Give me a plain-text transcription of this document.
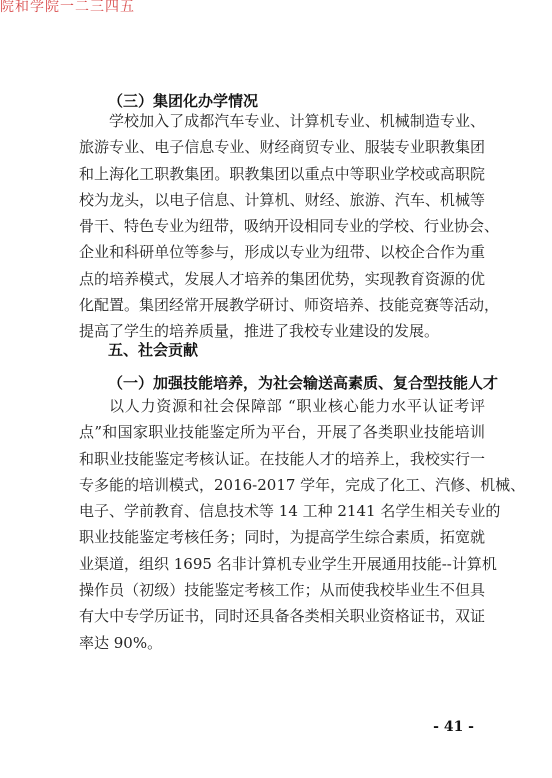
院和学院一二三四五
（三）集团化办学情况
学校加入了成都汽车专业、计算机专业、机械制造专业、
旅游专业、电子信息专业、财经商贸专业、服装专业职教集团
和上海化工职教集团。职教集团以重点中等职业学校或高职院
校为龙头，以电子信息、计算机、财经、旅游、汽车、机械等
骨干、特色专业为纽带，吸纳开设相同专业的学校、行业协会、
企业和科研单位等参与，形成以专业为纽带、以校企合作为重
点的培养模式，发展人才培养的集团优势，实现教育资源的优
化配置。集团经常开展教学研讨、师资培养、技能竞赛等活动，
提高了学生的培养质量，推进了我校专业建设的发展。
五、社会贡献
（一）加强技能培养，为社会输送高素质、复合型技能人才
以人力资源和社会保障部 “职业核心能力水平认证考评
点”和国家职业技能鉴定所为平台，开展了各类职业技能培训
和职业技能鉴定考核认证。在技能人才的培养上，我校实行一
专多能的培训模式，2016-2017 学年，完成了化工、汽修、机械、
电子、学前教育、信息技术等 14 工种 2141 名学生相关专业的
职业技能鉴定考核任务；同时，为提高学生综合素质，拓宽就
业渠道，组织 1695 名非计算机专业学生开展通用技能--计算机
操作员（初级）技能鉴定考核工作；从而使我校毕业生不但具
有大中专学历证书，同时还具备各类相关职业资格证书，双证
率达 90%。
- 41 -
